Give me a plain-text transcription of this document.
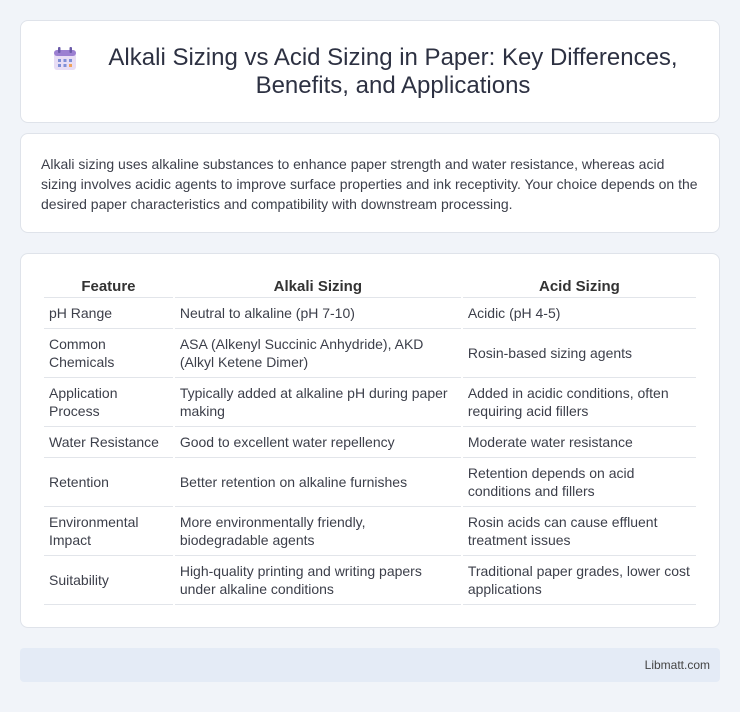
Alkali Sizing vs Acid Sizing in Paper: Key Differences, Benefits, and Applications

Alkali sizing uses alkaline substances to enhance paper strength and water resistance, whereas acid sizing involves acidic agents to improve surface properties and ink receptivity. Your choice depends on the desired paper characteristics and compatibility with downstream processing.

Feature	Alkali Sizing	Acid Sizing
pH Range	Neutral to alkaline (pH 7-10)	Acidic (pH 4-5)
Common Chemicals	ASA (Alkenyl Succinic Anhydride), AKD (Alkyl Ketene Dimer)	Rosin-based sizing agents
Application Process	Typically added at alkaline pH during paper making	Added in acidic conditions, often requiring acid fillers
Water Resistance	Good to excellent water repellency	Moderate water resistance
Retention	Better retention on alkaline furnishes	Retention depends on acid conditions and fillers
Environmental Impact	More environmentally friendly, biodegradable agents	Rosin acids can cause effluent treatment issues
Suitability	High-quality printing and writing papers under alkaline conditions	Traditional paper grades, lower cost applications
Libmatt.com
